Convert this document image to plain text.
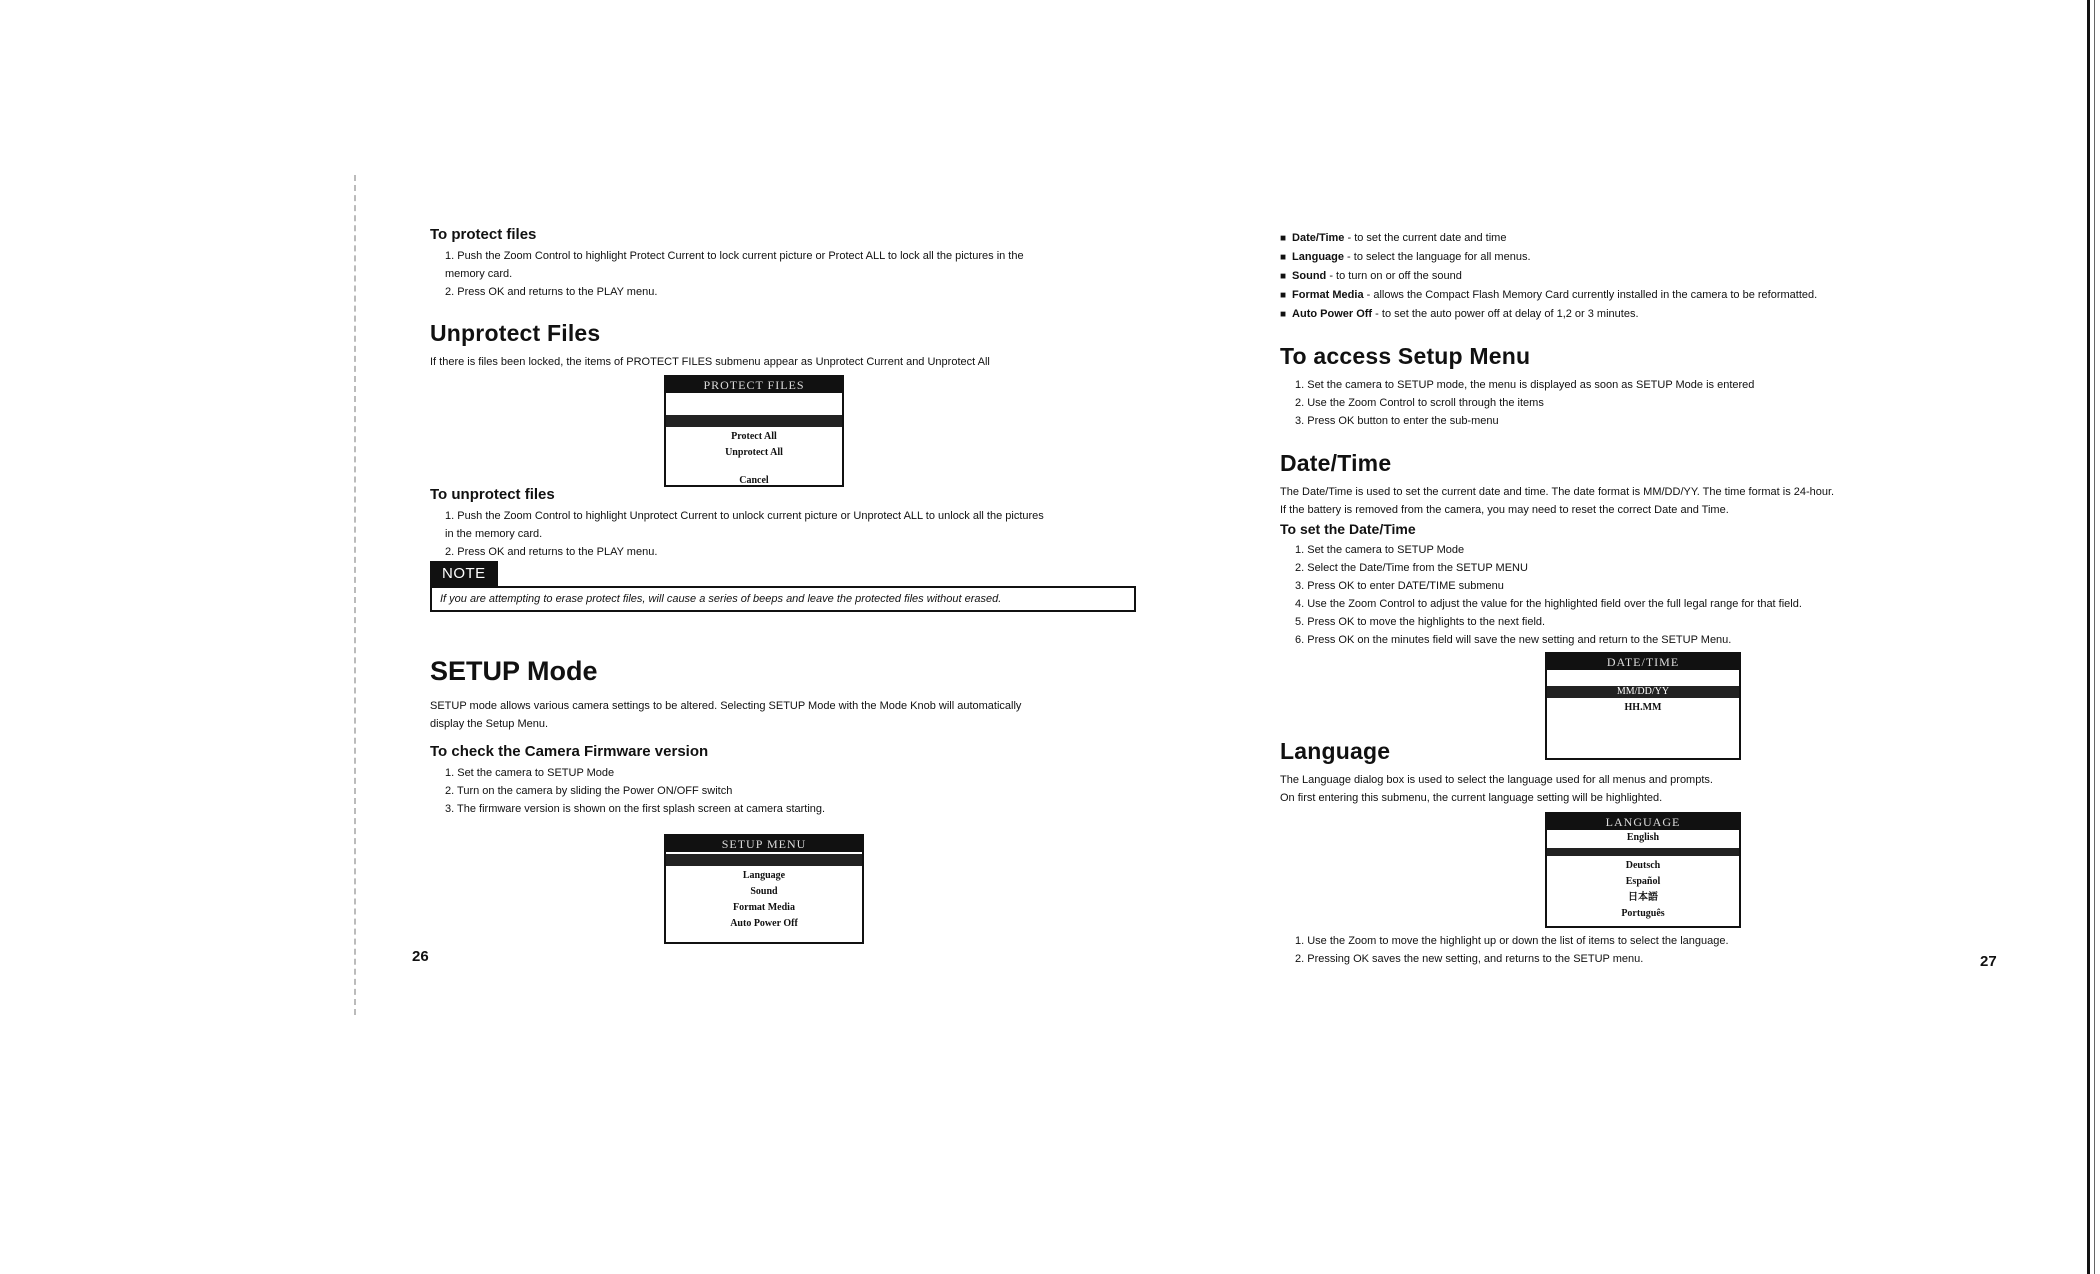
To protect files
1. Push the Zoom Control to highlight Protect Current to lock current picture or Protect ALL to lock all the pictures in the
memory card.
2. Press OK and returns to the PLAY menu.
Unprotect Files

If there is files been locked, the items of PROTECT FILES submenu appear as Unprotect Current and Unprotect All

PROTECT FILES
Protect All
Unprotect All
Cancel
To unprotect files
1. Push the Zoom Control to highlight Unprotect Current to unlock current picture or Unprotect ALL to unlock all the pictures
in the memory card.
2. Press OK and returns to the PLAY menu.
NOTE
If you are attempting to erase protect files, will cause a series of beeps and leave the protected files without erased.
SETUP Mode

SETUP mode allows various camera settings to be altered. Selecting SETUP Mode with the Mode Knob will automatically

display the Setup Menu.

To check the Camera Firmware version
1. Set the camera to SETUP Mode
2. Turn on the camera by sliding the Power ON/OFF switch
3. The firmware version is shown on the first splash screen at camera starting.
SETUP MENU
Language
Sound
Format Media
Auto Power Off
26
■ Date/Time - to set the current date and time
■ Language - to select the language for all menus.
■ Sound - to turn on or off the sound
■ Format Media - allows the Compact Flash Memory Card currently installed in the camera to be reformatted.
■ Auto Power Off - to set the auto power off at delay of 1,2 or 3 minutes.
To access Setup Menu
1. Set the camera to SETUP mode, the menu is displayed as soon as SETUP Mode is entered
2. Use the Zoom Control to scroll through the items
3. Press OK button to enter the sub-menu
Date/Time

The Date/Time is used to set the current date and time. The date format is MM/DD/YY. The time format is 24-hour.

If the battery is removed from the camera, you may need to reset the correct Date and Time.

To set the Date/Time
1. Set the camera to SETUP Mode
2. Select the Date/Time from the SETUP MENU
3. Press OK to enter DATE/TIME submenu
4. Use the Zoom Control to adjust the value for the highlighted field over the full legal range for that field.
5. Press OK to move the highlights to the next field.
6. Press OK on the minutes field will save the new setting and return to the SETUP Menu.
DATE/TIME
MM/DD/YY
HH.MM
Language

The Language dialog box is used to select the language used for all menus and prompts.

On first entering this submenu, the current language setting will be highlighted.

LANGUAGE
English
Deutsch
Español
日本語
Português
1. Use the Zoom to move the highlight up or down the list of items to select the language.
2. Pressing OK saves the new setting, and returns to the SETUP menu.	27
